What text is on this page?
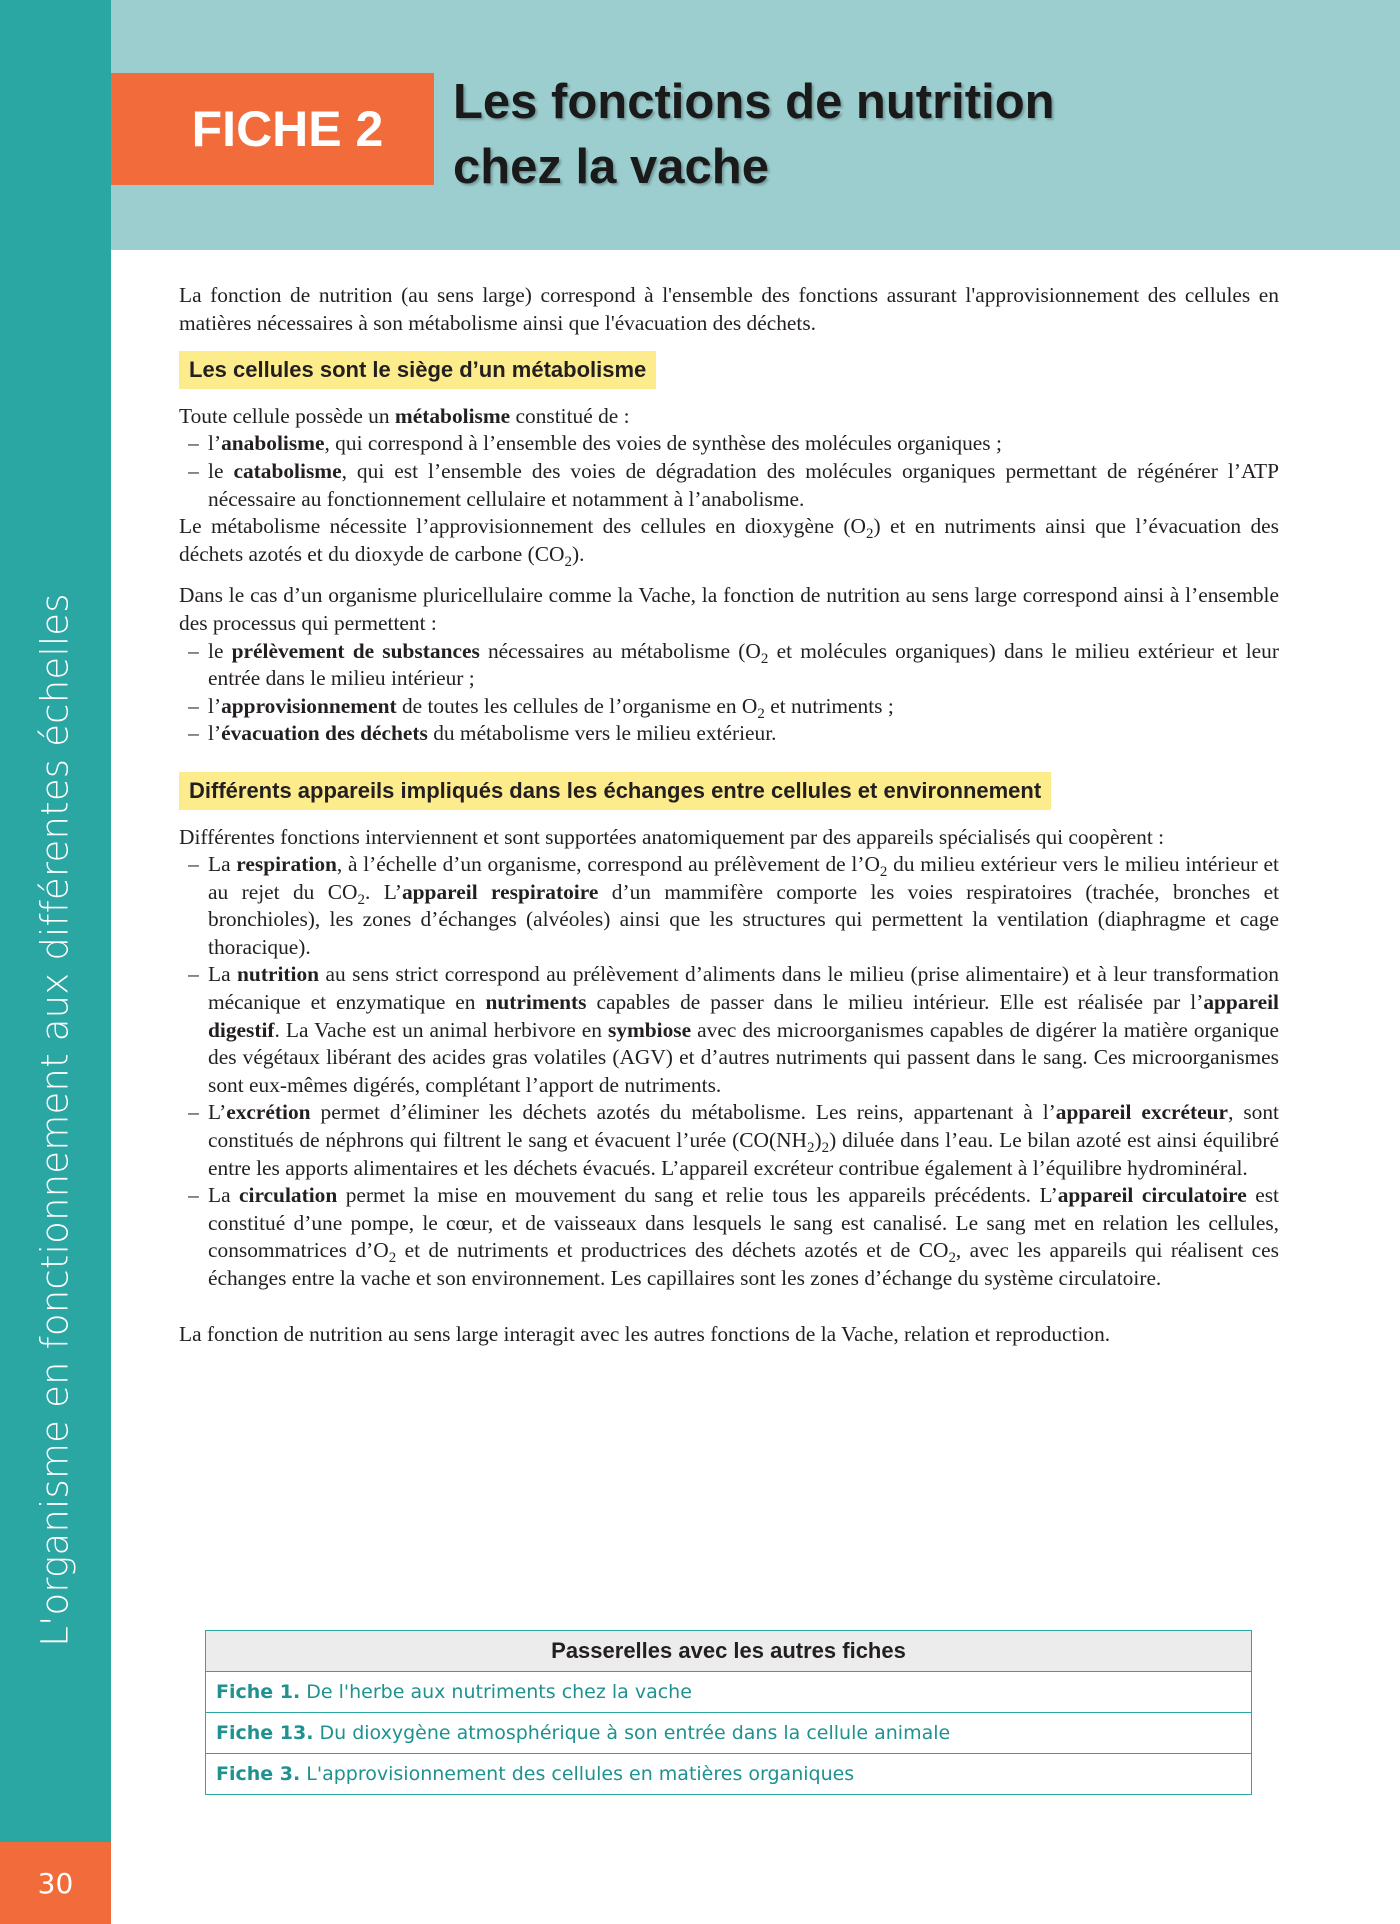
L'organisme en fonctionnement aux différentes échelles
30
FICHE 2	Les fonctions de nutrition
chez la vache

La fonction de nutrition (au sens large) correspond à l'ensemble des fonctions assurant l'approvisionnement des cellules en matières nécessaires à son métabolisme ainsi que l'évacuation des déchets.

Les cellules sont le siège d’un métabolisme

Toute cellule possède un métabolisme constitué de :

– l’anabolisme, qui correspond à l’ensemble des voies de synthèse des molécules organiques ;

– le catabolisme, qui est l’ensemble des voies de dégradation des molécules organiques permettant de régénérer l’ATP nécessaire au fonctionnement cellulaire et notamment à l’anabolisme.

Le métabolisme nécessite l’approvisionnement des cellules en dioxygène $(O_2)$ et en nutriments ainsi que l’évacuation des déchets azotés et du dioxyde de carbone $(CO_2)$.

Dans le cas d’un organisme pluricellulaire comme la Vache, la fonction de nutrition au sens large correspond ainsi à l’ensemble des processus qui permettent :

– le prélèvement de substances nécessaires au métabolisme ($O_2$ et molécules organiques) dans le milieu extérieur et leur entrée dans le milieu intérieur ;

– l’approvisionnement de toutes les cellules de l’organisme en $O_2$ et nutriments ;

– l’évacuation des déchets du métabolisme vers le milieu extérieur.

Différents appareils impliqués dans les échanges entre cellules et environnement

Différentes fonctions interviennent et sont supportées anatomiquement par des appareils spécialisés qui coopèrent :

– La respiration, à l’échelle d’un organisme, correspond au prélèvement de $l’O_2$ du milieu extérieur vers le milieu intérieur et au rejet du $CO_2$. L’appareil respiratoire d’un mammifère comporte les voies respiratoires (trachée, bronches et bronchioles), les zones d’échanges (alvéoles) ainsi que les structures qui permettent la ventilation (diaphragme et cage thoracique).

– La nutrition au sens strict correspond au prélèvement d’aliments dans le milieu (prise alimentaire) et à leur transformation mécanique et enzymatique en nutriments capables de passer dans le milieu intérieur. Elle est réalisée par l’appareil digestif. La Vache est un animal herbivore en symbiose avec des microorganismes capables de digérer la matière organique des végétaux libérant des acides gras volatiles (AGV) et d’autres nutriments qui passent dans le sang. Ces microorganismes sont eux-mêmes digérés, complétant l’apport de nutriments.

– L’excrétion permet d’éliminer les déchets azotés du métabolisme. Les reins, appartenant à l’appareil excréteur, sont constitués de néphrons qui filtrent le sang et évacuent l’urée $(CO(NH_2)_2)$ diluée dans l’eau. Le bilan azoté est ainsi équilibré entre les apports alimentaires et les déchets évacués. L’appareil excréteur contribue également à l’équilibre hydrominéral.

– La circulation permet la mise en mouvement du sang et relie tous les appareils précédents. L’appareil circulatoire est constitué d’une pompe, le cœur, et de vaisseaux dans lesquels le sang est canalisé. Le sang met en relation les cellules, consommatrices $d’O_2$ et de nutriments et productrices des déchets azotés et de $CO_2$, avec les appareils qui réalisent ces échanges entre la vache et son environnement. Les capillaires sont les zones d’échange du système circulatoire.

La fonction de nutrition au sens large interagit avec les autres fonctions de la Vache, relation et reproduction.

Passerelles avec les autres fiches
Fiche 1. De l'herbe aux nutriments chez la vache
Fiche 13. Du dioxygène atmosphérique à son entrée dans la cellule animale
Fiche 3. L'approvisionnement des cellules en matières organiques
